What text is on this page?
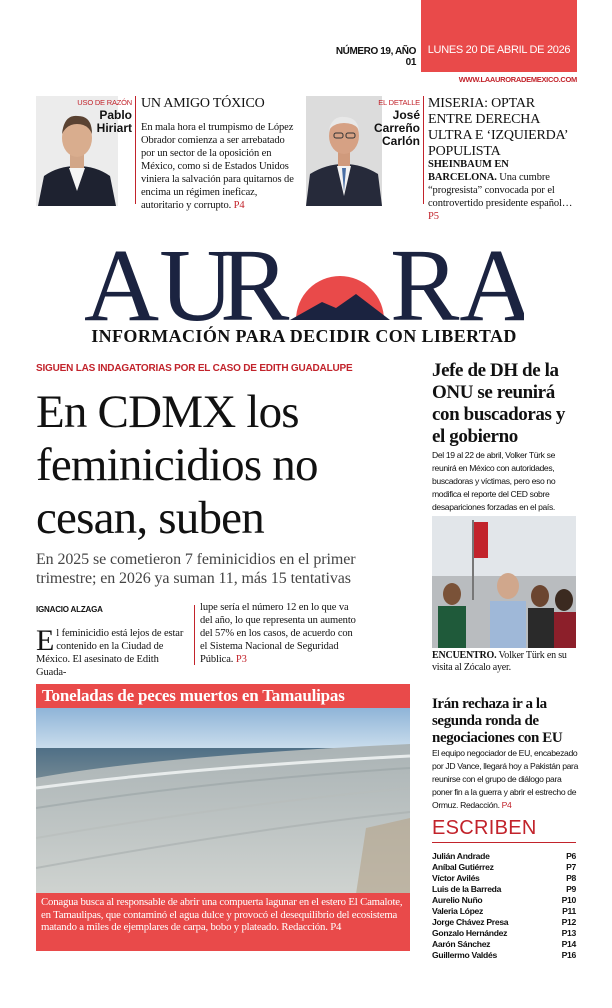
LUNES 20 DE ABRIL DE 2026
NÚMERO 19, AÑO 01
WWW.LAAURORADEMEXICO.COM
USO DE RAZÓN
Pablo
Hiriart
UN AMIGO TÓXICO
En mala hora el trumpismo de López Obrador comienza a ser arrebatado por un sector de la oposición en México, como si de Estados Unidos viniera la salvación para quitarnos de encima un régimen ineficaz, autoritario y corrupto. P4
EL DETALLE
José
Carreño
Carlón
MISERIA: OPTAR ENTRE DERECHA ULTRA E ‘IZQUIERDA’ POPULISTA
SHEINBAUM EN BARCELONA. Una cumbre “progresista” convocada por el controvertido presidente español… P5
AU
R RA
INFORMACIÓN PARA DECIDIR CON LIBERTAD
SIGUEN LAS INDAGATORIAS POR EL CASO DE EDITH GUADALUPE
En CDMX los feminicidios no cesan, suben
En 2025 se cometieron 7 feminicidios en el primer trimestre; en 2026 ya suman 11, más 15 tentativas
IGNACIO ALZAGA
El feminicidio está lejos de estar contenido en la Ciudad de México. El asesinato de Edith Guada-
lupe sería el número 12 en lo que va del año, lo que representa un aumento del 57% en los casos, de acuerdo con el Sistema Nacional de Seguridad Pública. P3
Toneladas de peces muertos en Tamaulipas
Conagua busca al responsable de abrir una compuerta lagunar en el estero El Camalote, en Tamaulipas, que contaminó el agua dulce y provocó el desequilibrio del ecosistema matando a miles de ejemplares de carpa, bobo y plateado. Redacción. P4
Jefe de DH de la ONU se reunirá con buscadoras y el gobierno
Del 19 al 22 de abril, Volker Türk se reunirá en México con autoridades, buscadoras y víctimas, pero eso no modifica el reporte del CED sobre desapariciones forzadas en el país.
ENCUENTRO. Volker Türk en su visita al Zócalo ayer.
Irán rechaza ir a la segunda ronda de negociaciones con EU
El equipo negociador de EU, encabezado por JD Vance, llegará hoy a Pakistán para reunirse con el grupo de diálogo para poner fin a la guerra y abrir el estrecho de Ormuz. Redacción. P4
ESCRIBEN
Julián Andrade	P6
Aníbal Gutiérrez	P7
Víctor Avilés	P8
Luis de la Barreda	P9
Aurelio Nuño	P10
Valeria López	P11
Jorge Chávez Presa	P12
Gonzalo Hernández	P13
Aarón Sánchez	P14
Guillermo Valdés	P16
